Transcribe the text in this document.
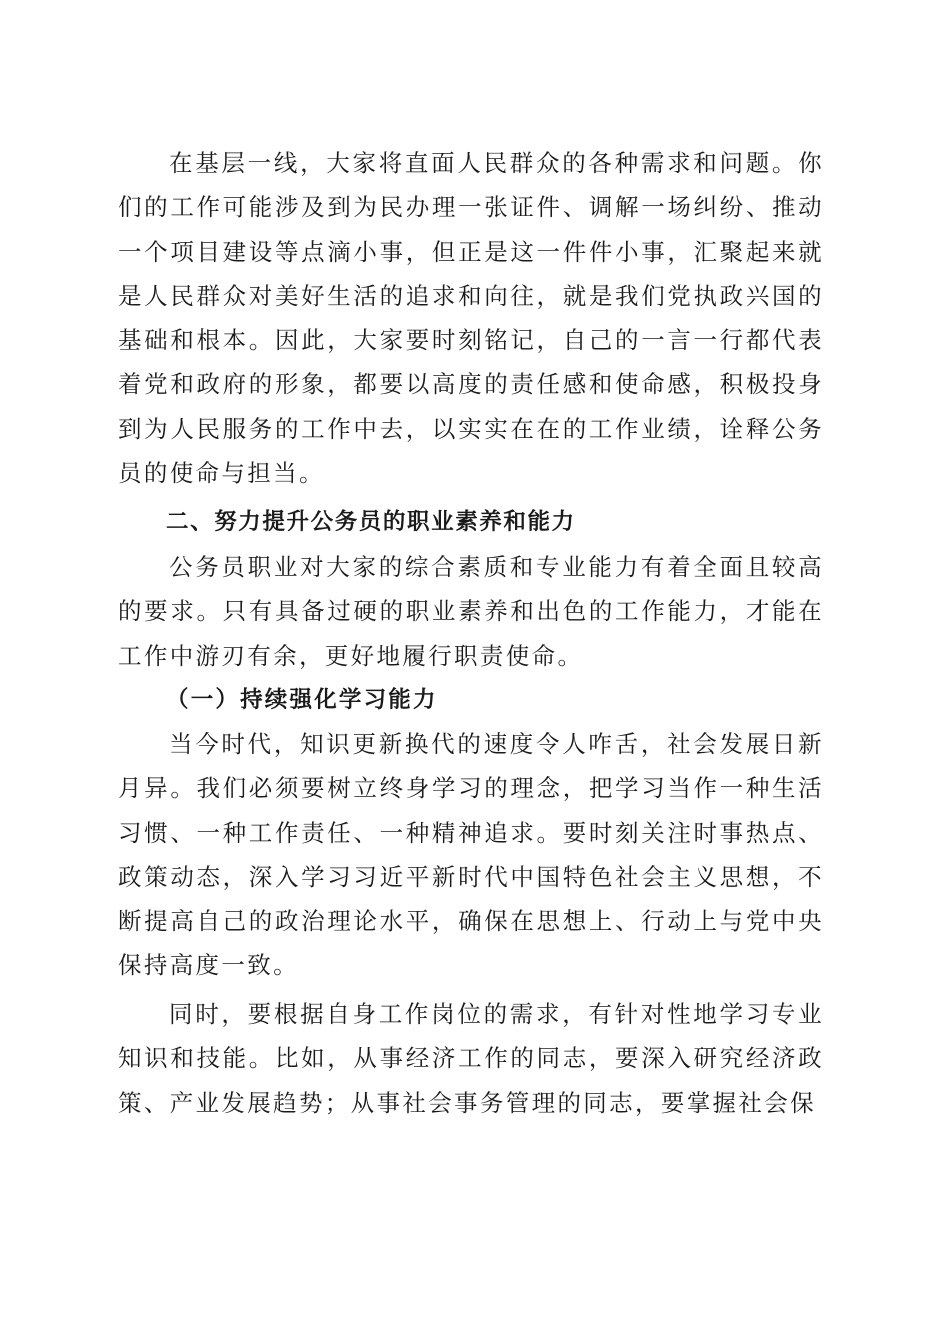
在基层一线，大家将直面人民群众的各种需求和问题。你们的工作可能涉及到为民办理一张证件、调解一场纠纷、推动一个项目建设等点滴小事，但正是这一件件小事，汇聚起来就是人民群众对美好生活的追求和向往，就是我们党执政兴国的基础和根本。因此，大家要时刻铭记，自己的一言一行都代表着党和政府的形象，都要以高度的责任感和使命感，积极投身到为人民服务的工作中去，以实实在在的工作业绩，诠释公务员的使命与担当。

二、努力提升公务员的职业素养和能力

公务员职业对大家的综合素质和专业能力有着全面且较高的要求。只有具备过硬的职业素养和出色的工作能力，才能在工作中游刃有余，更好地履行职责使命。

（一）持续强化学习能力

当今时代，知识更新换代的速度令人咋舌，社会发展日新月异。我们必须要树立终身学习的理念，把学习当作一种生活习惯、一种工作责任、一种精神追求。要时刻关注时事热点、政策动态，深入学习习近平新时代中国特色社会主义思想，不断提高自己的政治理论水平，确保在思想上、行动上与党中央保持高度一致。

同时，要根据自身工作岗位的需求，有针对性地学习专业知识和技能。比如，从事经济工作的同志，要深入研究经济政策、产业发展趋势；从事社会事务管理的同志，要掌握社会保
